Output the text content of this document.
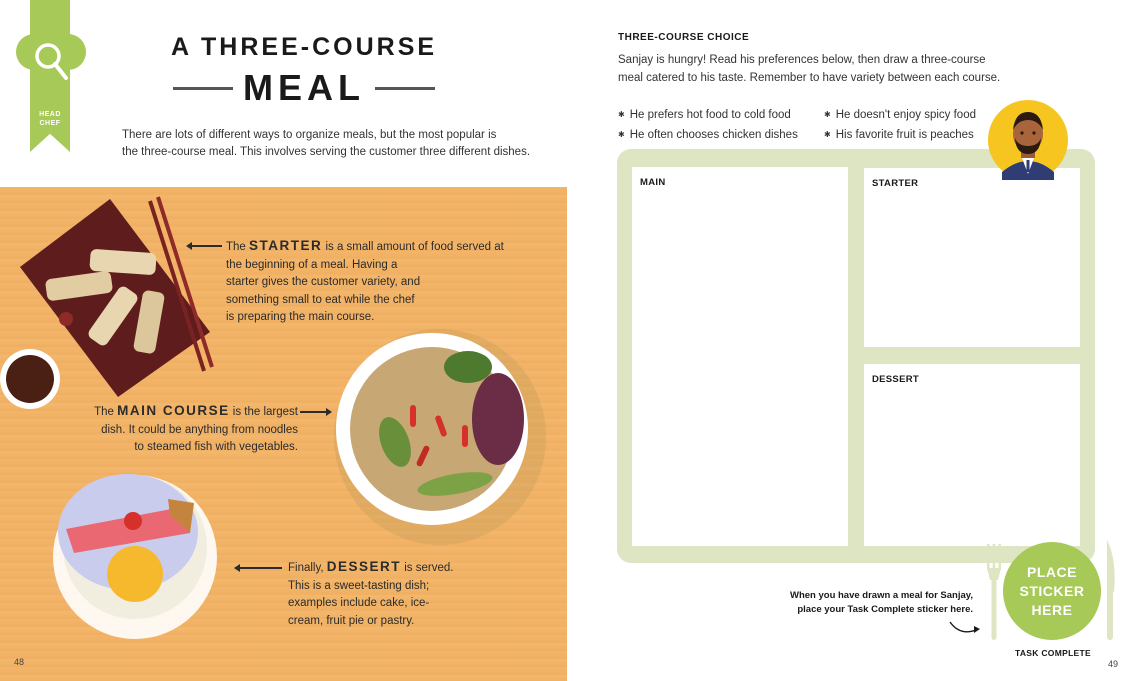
HEAD
CHEF
A THREE-COURSE
MEAL
There are lots of different ways to organize meals, but the most popular is
the three-course meal. This involves serving the customer three different dishes.
The STARTER is a small amount of food served at
the beginning of a meal. Having a
starter gives the customer variety, and
something small to eat while the chef
is preparing the main course.
The MAIN COURSE is the largest
dish. It could be anything from noodles
to steamed fish with vegetables.
Finally, DESSERT is served.
This is a sweet-tasting dish;
examples include cake, ice-
cream, fruit pie or pastry.
48
THREE-COURSE CHOICE
Sanjay is hungry! Read his preferences below, then draw a three-course
meal catered to his taste. Remember to have variety between each course.
✱ He prefers hot food to cold food	✱ He doesn't enjoy spicy food
✱ He often chooses chicken dishes	✱ His favorite fruit is peaches
MAIN	STARTER
DESSERT
When you have drawn a meal for Sanjay,
place your Task Complete sticker here.
PLACE
STICKER
HERE
TASK COMPLETE
49
